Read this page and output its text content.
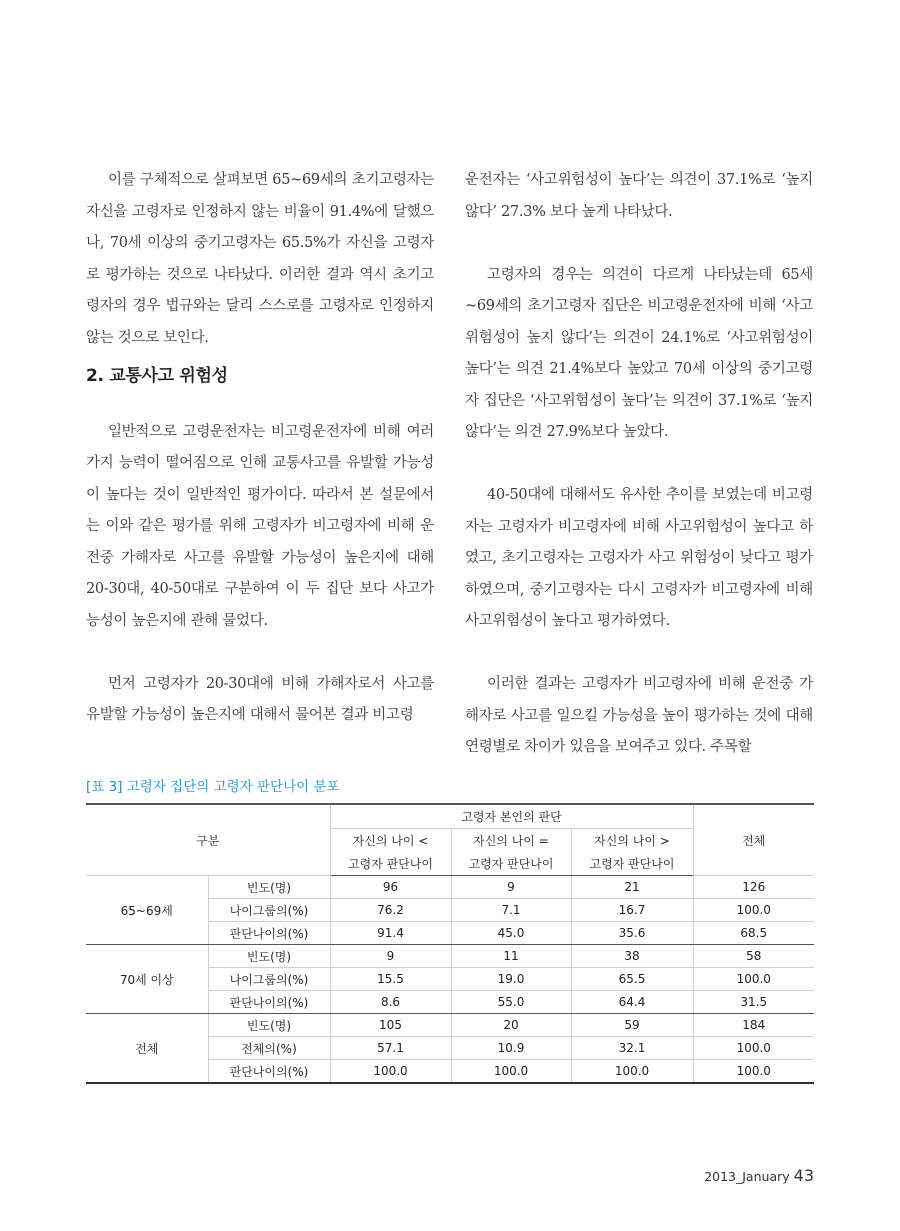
이를 구체적으로 살펴보면 65~69세의 초기고령자는 자신을 고령자로 인정하지 않는 비율이 91.4%에 달했으나, 70세 이상의 중기고령자는 65.5%가 자신을 고령자로 평가하는 것으로 나타났다. 이러한 결과 역시 초기고령자의 경우 법규와는 달리 스스로를 고령자로 인정하지 않는 것으로 보인다.

2. 교통사고 위험성

일반적으로 고령운전자는 비고령운전자에 비해 여러가지 능력이 떨어짐으로 인해 교통사고를 유발할 가능성이 높다는 것이 일반적인 평가이다. 따라서 본 설문에서는 이와 같은 평가를 위해 고령자가 비고령자에 비해 운전중 가해자로 사고를 유발할 가능성이 높은지에 대해 20-30대, 40-50대로 구분하여 이 두 집단 보다 사고가능성이 높은지에 관해 물었다.

먼저 고령자가 20-30대에 비해 가해자로서 사고를 유발할 가능성이 높은지에 대해서 물어본 결과 비고령

운전자는 ‘사고위험성이 높다’는 의견이 37.1%로 ‘높지 않다’ 27.3% 보다 높게 나타났다.

고령자의 경우는 의견이 다르게 나타났는데 65세 ~69세의 초기고령자 집단은 비고령운전자에 비해 ‘사고위험성이 높지 않다’는 의견이 24.1%로 ‘사고위험성이 높다’는 의견 21.4%보다 높았고 70세 이상의 중기고령자 집단은 ‘사고위험성이 높다’는 의견이 37.1%로 ‘높지 않다’는 의견 27.9%보다 높았다.

40-50대에 대해서도 유사한 추이를 보였는데 비고령자는 고령자가 비고령자에 비해 사고위험성이 높다고 하였고, 초기고령자는 고령자가 사고 위험성이 낮다고 평가하였으며, 중기고령자는 다시 고령자가 비고령자에 비해 사고위험성이 높다고 평가하였다.

이러한 결과는 고령자가 비고령자에 비해 운전중 가해자로 사고를 일으킬 가능성을 높이 평가하는 것에 대해 연령별로 차이가 있음을 보여주고 있다. 주목할

[표 3] 고령자 집단의 고령자 판단나이 분포
구분		고령자 본인의 판단			전체
		자신의 나이 <	자신의 나이 =	자신의 나이 >	
		고령자 판단나이	고령자 판단나이	고령자 판단나이	
65~69세	빈도(명)	96	9	21	126
	나이그룹의(%)	76.2	7.1	16.7	100.0
	판단나이의(%)	91.4	45.0	35.6	68.5
70세 이상	빈도(명)	9	11	38	58
	나이그룹의(%)	15.5	19.0	65.5	100.0
	판단나이의(%)	8.6	55.0	64.4	31.5
전체	빈도(명)	105	20	59	184
	전체의(%)	57.1	10.9	32.1	100.0
	판단나이의(%)	100.0	100.0	100.0	100.0
2013_January 43
